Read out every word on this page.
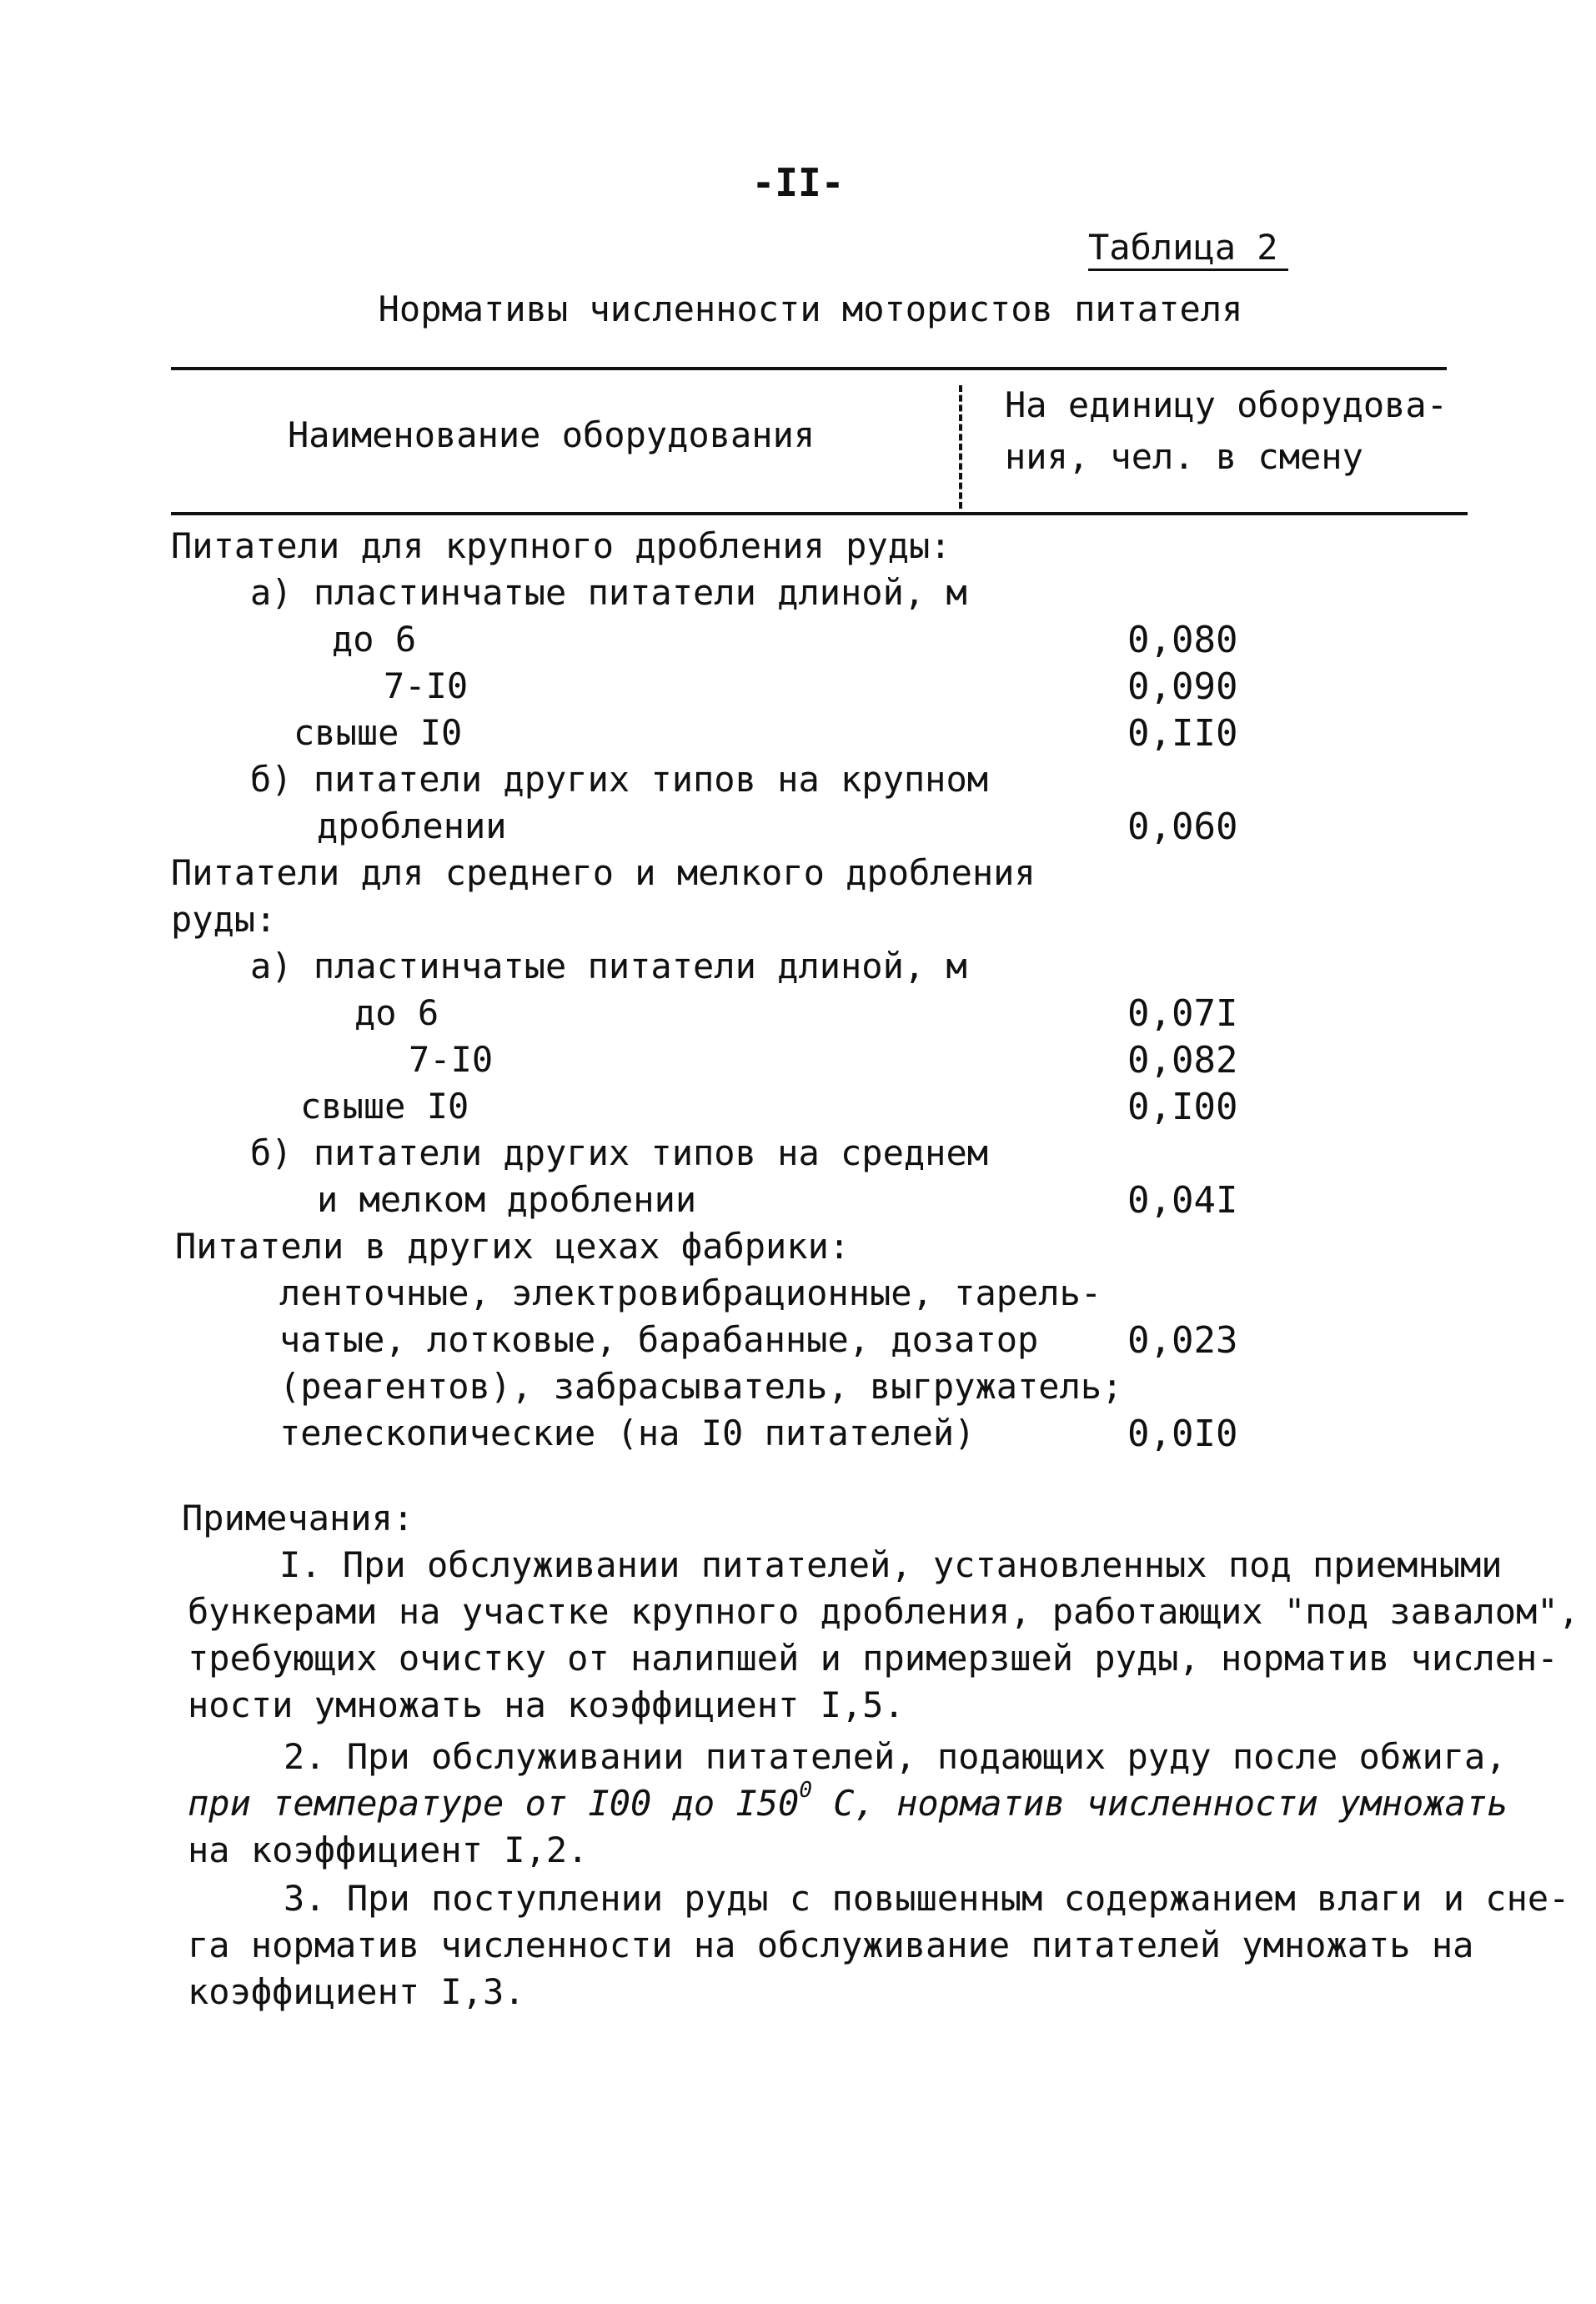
-II-
Таблица 2
Нормативы численности мотористов питателя
Наименование оборудования
На единицу оборудова-
ния, чел. в смену
Питатели для крупного дробления руды:
а) пластинчатые питатели длиной, м
до 6	0,080
7-I0	0,090
свыше I0	0,II0
б) питатели других типов на крупном
дроблении	0,060
Питатели для среднего и мелкого дробления
руды:
а) пластинчатые питатели длиной, м
до 6	0,07I
7-I0	0,082
свыше I0	0,I00
б) питатели других типов на среднем
и мелком дроблении	0,04I
Питатели в других цехах фабрики:
ленточные, электровибрационные, тарель-
чатые, лотковые, барабанные, дозатор 0,023
(реагентов), забрасыватель, выгружатель;
телескопические (на I0 питателей)	0,0I0
Примечания:
I. При обслуживании питателей, установленных под приемными
бункерами на участке крупного дробления, работающих "под завалом",
требующих очистку от налипшей и примерзшей руды, норматив числен-
ности умножать на коэффициент I,5.
2. При обслуживании питателей, подающих руду после обжига,
при температуре от I00 до $I50^0$ C, норматив численности умножать
на коэффициент I,2.
3. При поступлении руды с повышенным содержанием влаги и сне-
га норматив численности на обслуживание питателей умножать на
коэффициент I,3.
